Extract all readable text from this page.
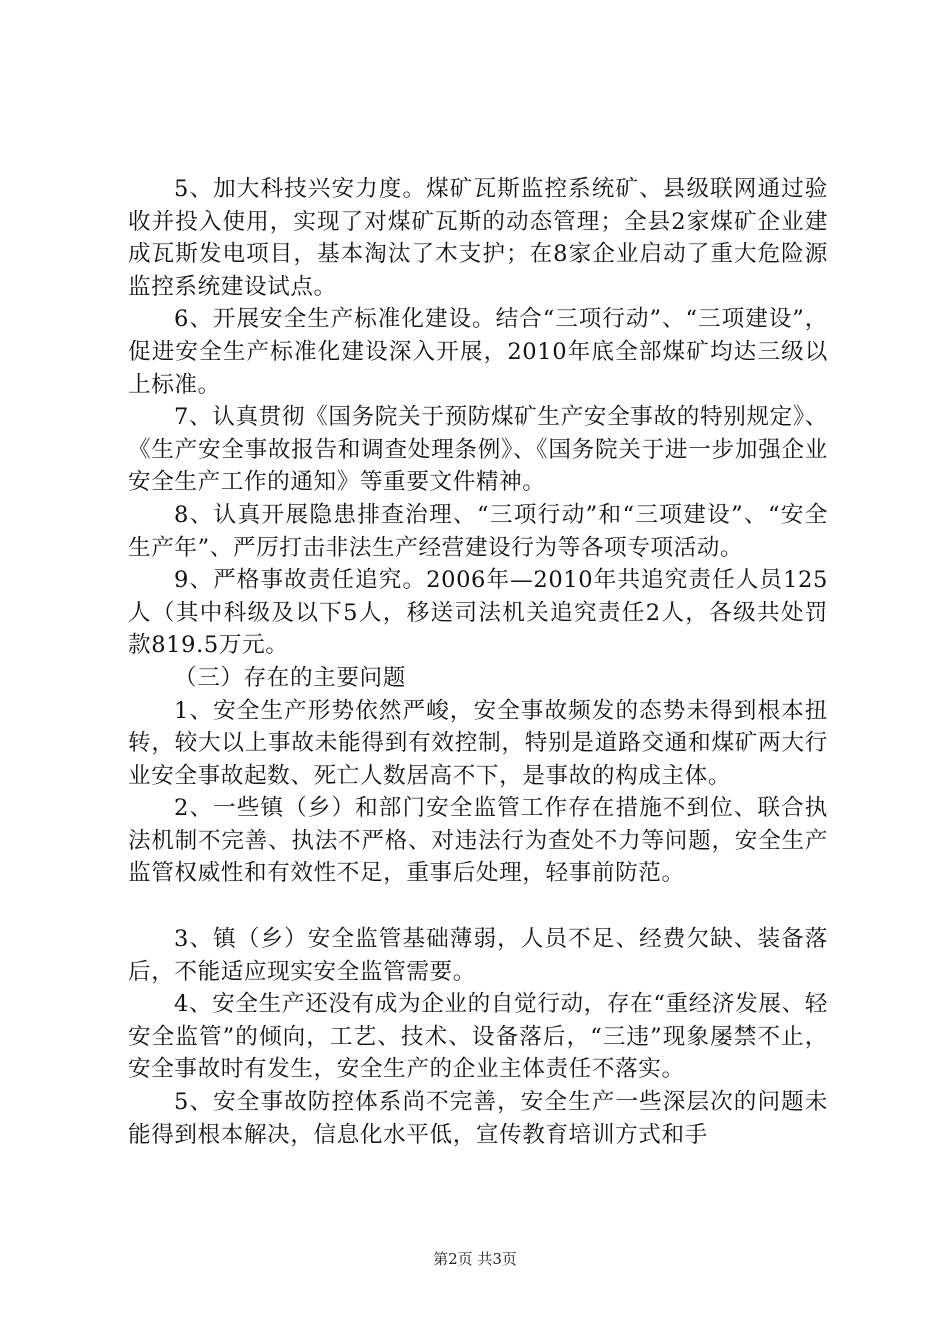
5、加大科技兴安力度。煤矿瓦斯监控系统矿、县级联网通过验收并投入使用，实现了对煤矿瓦斯的动态管理；全县2家煤矿企业建成瓦斯发电项目，基本淘汰了木支护；在8家企业启动了重大危险源监控系统建设试点。

6、开展安全生产标准化建设。结合“三项行动”、“三项建设”，促进安全生产标准化建设深入开展，2010年底全部煤矿均达三级以上标准。

7、认真贯彻《国务院关于预防煤矿生产安全事故的特别规定》、《生产安全事故报告和调查处理条例》、《国务院关于进一步加强企业安全生产工作的通知》等重要文件精神。

8、认真开展隐患排查治理、“三项行动”和“三项建设”、“安全生产年”、严厉打击非法生产经营建设行为等各项专项活动。

9、严格事故责任追究。2006年—2010年共追究责任人员125人（其中科级及以下5人，移送司法机关追究责任2人，各级共处罚款819.5万元。

（三）存在的主要问题

1、安全生产形势依然严峻，安全事故频发的态势未得到根本扭转，较大以上事故未能得到有效控制，特别是道路交通和煤矿两大行业安全事故起数、死亡人数居高不下，是事故的构成主体。

2、一些镇（乡）和部门安全监管工作存在措施不到位、联合执法机制不完善、执法不严格、对违法行为查处不力等问题，安全生产监管权威性和有效性不足，重事后处理，轻事前防范。

3、镇（乡）安全监管基础薄弱，人员不足、经费欠缺、装备落后，不能适应现实安全监管需要。

4、安全生产还没有成为企业的自觉行动，存在“重经济发展、轻安全监管”的倾向，工艺、技术、设备落后，“三违”现象屡禁不止，安全事故时有发生，安全生产的企业主体责任不落实。

5、安全事故防控体系尚不完善，安全生产一些深层次的问题未能得到根本解决，信息化水平低，宣传教育培训方式和手

第2页 共3页
